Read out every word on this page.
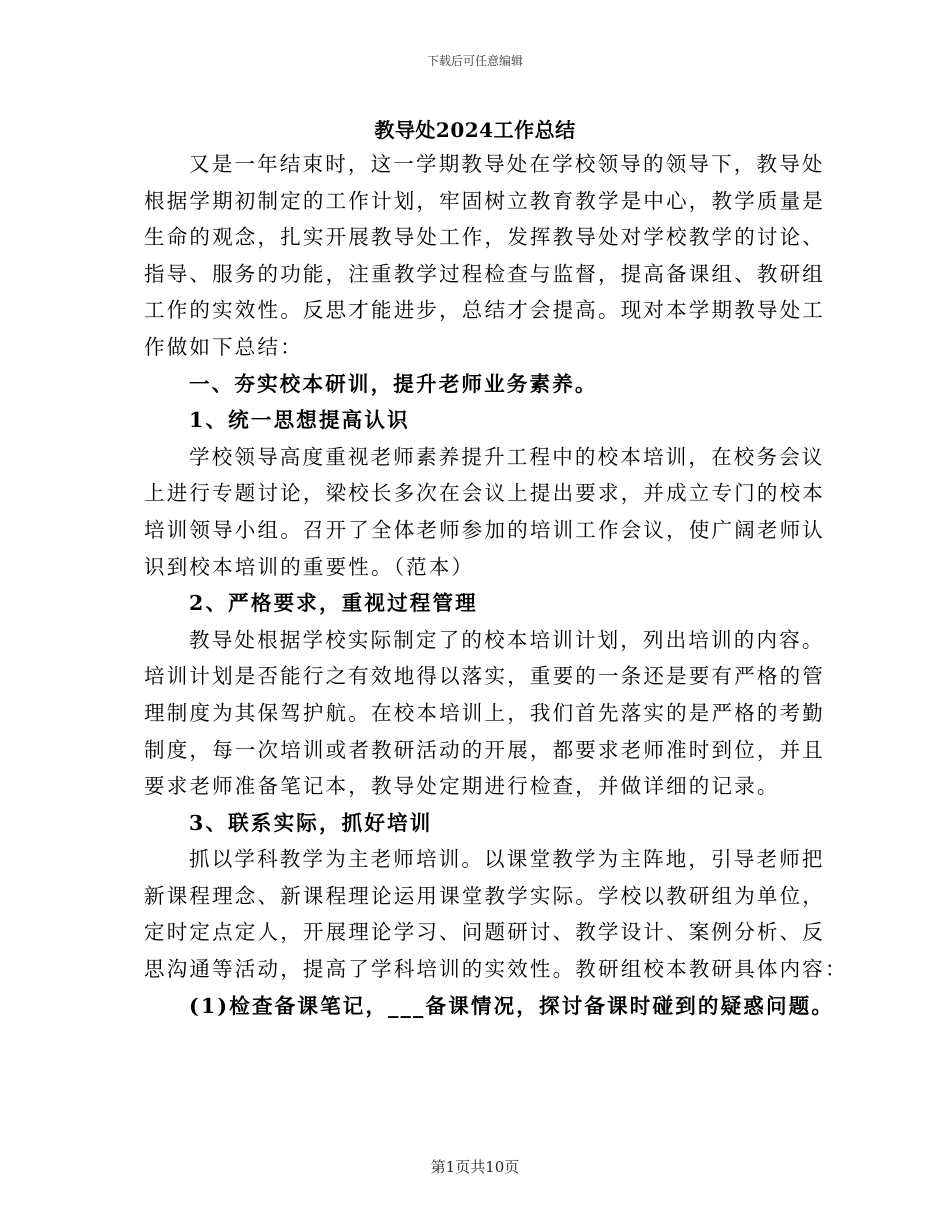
下载后可任意编辑
教导处2024工作总结
又是一年结束时，这一学期教导处在学校领导的领导下，教导处
根据学期初制定的工作计划，牢固树立教育教学是中心，教学质量是
生命的观念，扎实开展教导处工作，发挥教导处对学校教学的讨论、
指导、服务的功能，注重教学过程检查与监督，提高备课组、教研组
工作的实效性。反思才能进步，总结才会提高。现对本学期教导处工
作做如下总结：
一、夯实校本研训，提升老师业务素养。
1、统一思想提高认识
学校领导高度重视老师素养提升工程中的校本培训，在校务会议
上进行专题讨论，梁校长多次在会议上提出要求，并成立专门的校本
培训领导小组。召开了全体老师参加的培训工作会议，使广阔老师认
识到校本培训的重要性。（范本）
2、严格要求，重视过程管理
教导处根据学校实际制定了的校本培训计划，列出培训的内容。
培训计划是否能行之有效地得以落实，重要的一条还是要有严格的管
理制度为其保驾护航。在校本培训上，我们首先落实的是严格的考勤
制度，每一次培训或者教研活动的开展，都要求老师准时到位，并且
要求老师准备笔记本，教导处定期进行检查，并做详细的记录。
3、联系实际，抓好培训
抓以学科教学为主老师培训。以课堂教学为主阵地，引导老师把
新课程理念、新课程理论运用课堂教学实际。学校以教研组为单位，
定时定点定人，开展理论学习、问题研讨、教学设计、案例分析、反
思沟通等活动，提高了学科培训的实效性。教研组校本教研具体内容：
(1)检查备课笔记，___备课情况，探讨备课时碰到的疑惑问题。
第1页共10页
